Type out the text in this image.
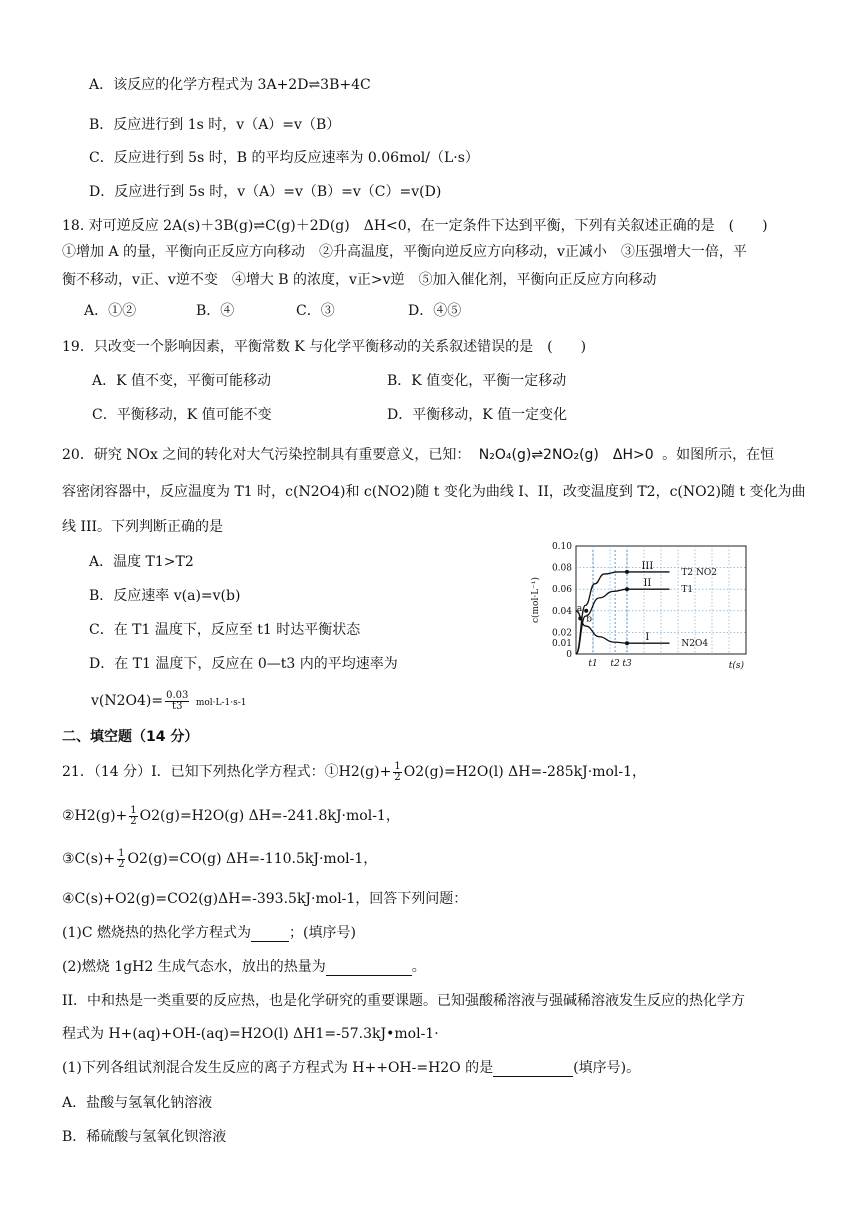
A．该反应的化学方程式为 3A+2D⇌3B+4C
B．反应进行到 1s 时，v（A）=v（B）
C．反应进行到 5s 时，B 的平均反应速率为 0.06mol/（L·s）
D．反应进行到 5s 时，v（A）=v（B）=v（C）=v(D)
18. 对可逆反应 2A(s)＋3B(g)⇌C(g)＋2D(g)　ΔH<0，在一定条件下达到平衡，下列有关叙述正确的是　(　　)
①增加 A 的量，平衡向正反应方向移动　②升高温度，平衡向逆反应方向移动，v正减小　③压强增大一倍，平
衡不移动，v正、v逆不变　④增大 B 的浓度，v正>v逆　⑤加入催化剂，平衡向正反应方向移动
A．①②	B．④	C．③	D．④⑤
19．只改变一个影响因素，平衡常数 K 与化学平衡移动的关系叙述错误的是　(　　)
A．K 值不变，平衡可能移动	B．K 值变化，平衡一定移动
C．平衡移动，K 值可能不变	D．平衡移动，K 值一定变化
20．研究 NOx 之间的转化对大气污染控制具有重要意义，已知： N₂O₄(g)⇌2NO₂(g)　ΔH>0 。如图所示，在恒
容密闭容器中，反应温度为 T1 时，c(N2O4)和 c(NO2)随 t 变化为曲线 I、II，改变温度到 T2，c(NO2)随 t 变化为曲
线 III。下列判断正确的是
A．温度 T1>T2
B．反应速率 v(a)=v(b)
C．在 T1 温度下，反应至 t1 时达平衡状态
D．在 T1 温度下，反应在 0—t3 内的平均速率为
$v(N2O4)= \frac{0.03}{t3} mol\cdot L-1\cdot s-1$
0.10
0.08
0.06
0.04
0.02
0.01
0
c(mol·L⁻¹)
t(s)
t1 t2 t3
III
T2 NO2
II
T1
I
N2O4
a
b
二、填空题（14 分）
21．（14 分）I．已知下列热化学方程式：①H2(g)+ $\frac{1}{2} O2(g)=H2O(l)$ ΔH=-285kJ·mol-1，
②H2(g)+ $\frac{1}{2} O2(g)=H2O(g)$ ΔH=-241.8kJ·mol-1，
③C(s)+ $\frac{1}{2} O2(g)=CO(g)$ ΔH=-110.5kJ·mol-1，
④C(s)+O2(g)=CO2(g)ΔH=-393.5kJ·mol-1，回答下列问题：
(1)C 燃烧热的热化学方程式为	；(填序号)
(2)燃烧 1gH2 生成气态水，放出的热量为	。
II．中和热是一类重要的反应热，也是化学研究的重要课题。已知强酸稀溶液与强碱稀溶液发生反应的热化学方
程式为 H+(aq)+OH-(aq)=H2O(l) ΔH1=-57.3kJ•mol-1·
(1)下列各组试剂混合发生反应的离子方程式为 H++OH-=H2O 的是	(填序号)。
A．盐酸与氢氧化钠溶液
B．稀硫酸与氢氧化钡溶液
